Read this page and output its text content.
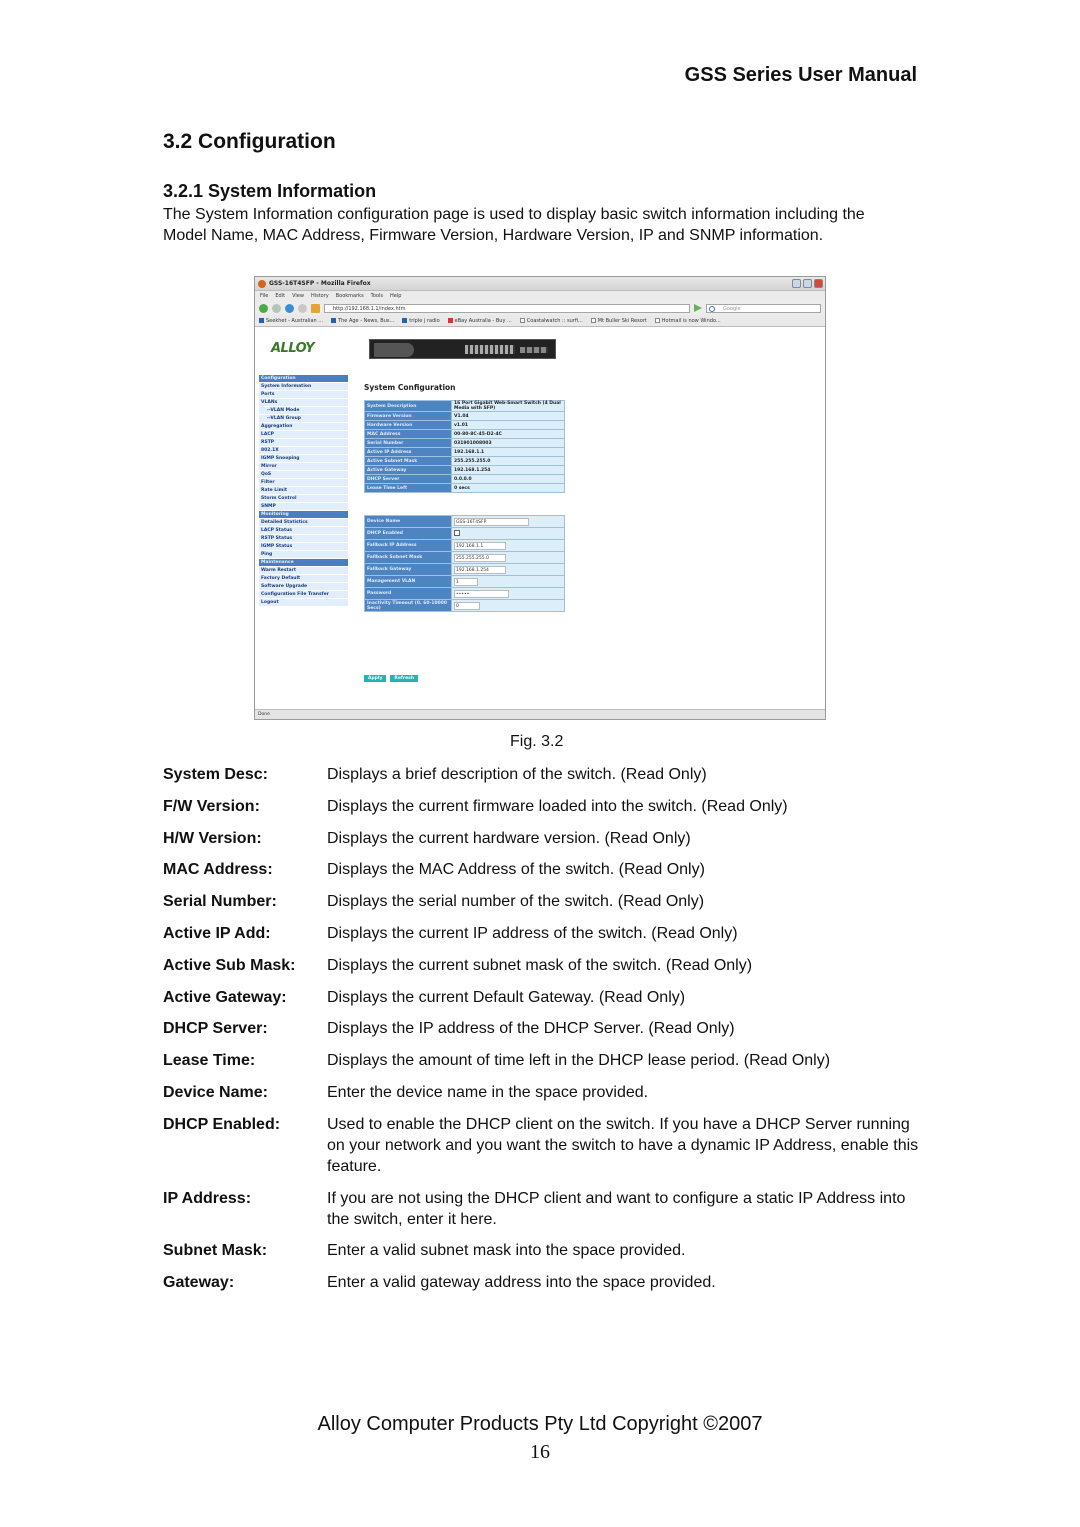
GSS Series User Manual
3.2 Configuration
3.2.1 System Information

The System Information configuration page is used to display basic switch information including the Model Name, MAC Address, Firmware Version, Hardware Version, IP and SNMP information.

GSS-16T4SFP - Mozilla Firefox
File Edit View History Bookmarks Tools Help
http://192.168.1.1/index.htm	Google
Seekhet - Australian ...	The Age - News, Bus...	triple j radio	eBay Australia - Buy ...	Coastalwatch :: surfi...	Mt Buller Ski Resort	Hotmail is now Windo...
ALLOY
Configuration
System Information
Ports
VLANs
--VLAN Mode
--VLAN Group
Aggregation
LACP
RSTP
802.1X
IGMP Snooping
Mirror
QoS
Filter
Rate Limit
Storm Control
SNMP
Monitoring
Detailed Statistics
LACP Status
RSTP Status
IGMP Status
Ping
Maintenance
Warm Restart
Factory Default
Software Upgrade
Configuration File Transfer
Logout
System Configuration
System Description	16 Port Gigabit Web-Smart Switch (4 Dual Media with SFP)
Firmware Version	V1.04
Hardware Version	v1.01
MAC Address	00-80-8C-45-D2-4C
Serial Number	031901008003
Active IP Address	192.168.1.1
Active Subnet Mask	255.255.255.0
Active Gateway	192.168.1.254
DHCP Server	0.0.0.0
Lease Time Left	0 secs
Device Name	GSS-16T4SFP
DHCP Enabled	
Fallback IP Address	192.168.1.1
Fallback Subnet Mask	255.255.255.0
Fallback Gateway	192.168.1.254
Management VLAN	1
Password	•••••
Inactivity Timeout (0, 60-10000 Secs)	0
Apply	Refresh
Done
Fig. 3.2
System Desc:	Displays a brief description of the switch. (Read Only)
F/W Version:	Displays the current firmware loaded into the switch. (Read Only)
H/W Version:	Displays the current hardware version. (Read Only)
MAC Address:	Displays the MAC Address of the switch. (Read Only)
Serial Number:	Displays the serial number of the switch. (Read Only)
Active IP Add:	Displays the current IP address of the switch. (Read Only)
Active Sub Mask:	Displays the current subnet mask of the switch. (Read Only)
Active Gateway:	Displays the current Default Gateway. (Read Only)
DHCP Server:	Displays the IP address of the DHCP Server. (Read Only)
Lease Time:	Displays the amount of time left in the DHCP lease period. (Read Only)
Device Name:	Enter the device name in the space provided.
DHCP Enabled:	Used to enable the DHCP client on the switch. If you have a DHCP Server running on your network and you want the switch to have a dynamic IP Address, enable this feature.
IP Address:	If you are not using the DHCP client and want to configure a static IP Address into the switch, enter it here.
Subnet Mask:	Enter a valid subnet mask into the space provided.
Gateway:	Enter a valid gateway address into the space provided.
Alloy Computer Products Pty Ltd Copyright ©2007
16
